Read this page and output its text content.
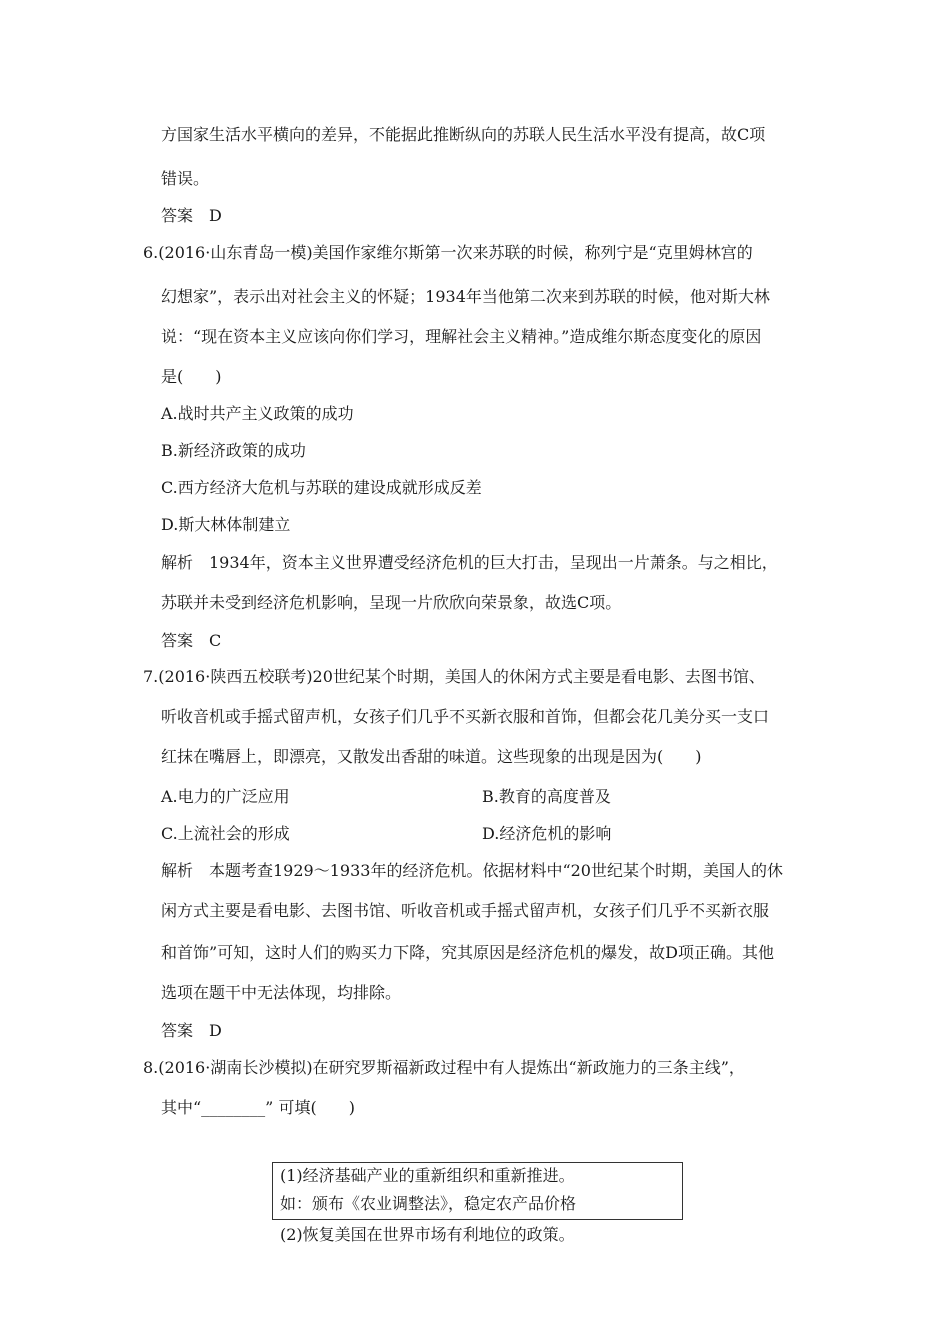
方国家生活水平横向的差异，不能据此推断纵向的苏联人民生活水平没有提高，故C项
错误。
答案　D
6.(2016·山东青岛一模)美国作家维尔斯第一次来苏联的时候，称列宁是“克里姆林宫的
幻想家”，表示出对社会主义的怀疑；1934年当他第二次来到苏联的时候，他对斯大林
说：“现在资本主义应该向你们学习，理解社会主义精神。”造成维尔斯态度变化的原因
是(　　)
A.战时共产主义政策的成功
B.新经济政策的成功
C.西方经济大危机与苏联的建设成就形成反差
D.斯大林体制建立
解析　1934年，资本主义世界遭受经济危机的巨大打击，呈现出一片萧条。与之相比，
苏联并未受到经济危机影响，呈现一片欣欣向荣景象，故选C项。
答案　C
7.(2016·陕西五校联考)20世纪某个时期，美国人的休闲方式主要是看电影、去图书馆、
听收音机或手摇式留声机，女孩子们几乎不买新衣服和首饰，但都会花几美分买一支口
红抹在嘴唇上，即漂亮，又散发出香甜的味道。这些现象的出现是因为(　　)
A.电力的广泛应用	B.教育的高度普及
C.上流社会的形成	D.经济危机的影响
解析　本题考查1929～1933年的经济危机。依据材料中“20世纪某个时期，美国人的休
闲方式主要是看电影、去图书馆、听收音机或手摇式留声机，女孩子们几乎不买新衣服
和首饰”可知，这时人们的购买力下降，究其原因是经济危机的爆发，故D项正确。其他
选项在题干中无法体现，均排除。
答案　D
8.(2016·湖南长沙模拟)在研究罗斯福新政过程中有人提炼出“新政施力的三条主线”，
其中“________” 可填(　　)
(1)经济基础产业的重新组织和重新推进。
如：颁布《农业调整法》，稳定农产品价格
(2)恢复美国在世界市场有利地位的政策。
